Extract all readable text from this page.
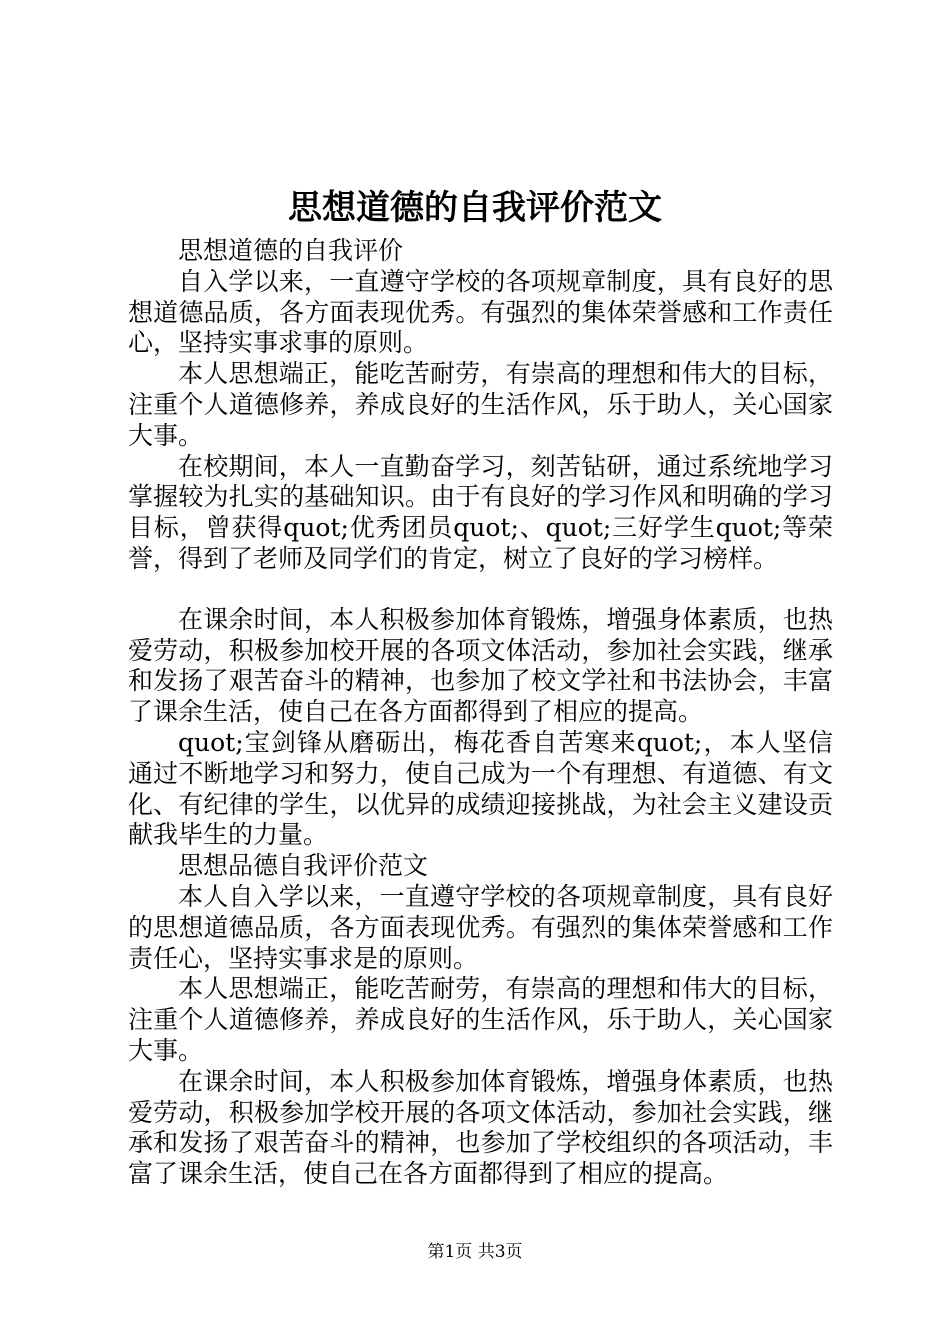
思想道德的自我评价范文

思想道德的自我评价

自入学以来，一直遵守学校的各项规章制度，具有良好的思想道德品质，各方面表现优秀。有强烈的集体荣誉感和工作责任心，坚持实事求事的原则。

本人思想端正，能吃苦耐劳，有崇高的理想和伟大的目标，注重个人道德修养，养成良好的生活作风，乐于助人，关心国家大事。

在校期间，本人一直勤奋学习，刻苦钻研，通过系统地学习掌握较为扎实的基础知识。由于有良好的学习作风和明确的学习目标，曾获得quot;优秀团员quot;、quot;三好学生quot;等荣誉，得到了老师及同学们的肯定，树立了良好的学习榜样。

在课余时间，本人积极参加体育锻炼，增强身体素质，也热爱劳动，积极参加校开展的各项文体活动，参加社会实践，继承和发扬了艰苦奋斗的精神，也参加了校文学社和书法协会，丰富了课余生活，使自己在各方面都得到了相应的提高。

quot;宝剑锋从磨砺出，梅花香自苦寒来quot;，本人坚信通过不断地学习和努力，使自己成为一个有理想、有道德、有文化、有纪律的学生，以优异的成绩迎接挑战，为社会主义建设贡献我毕生的力量。

思想品德自我评价范文

本人自入学以来，一直遵守学校的各项规章制度，具有良好的思想道德品质，各方面表现优秀。有强烈的集体荣誉感和工作责任心，坚持实事求是的原则。

本人思想端正，能吃苦耐劳，有崇高的理想和伟大的目标，注重个人道德修养，养成良好的生活作风，乐于助人，关心国家大事。

在课余时间，本人积极参加体育锻炼，增强身体素质，也热爱劳动，积极参加学校开展的各项文体活动，参加社会实践，继承和发扬了艰苦奋斗的精神，也参加了学校组织的各项活动，丰富了课余生活，使自己在各方面都得到了相应的提高。

第1页 共3页
